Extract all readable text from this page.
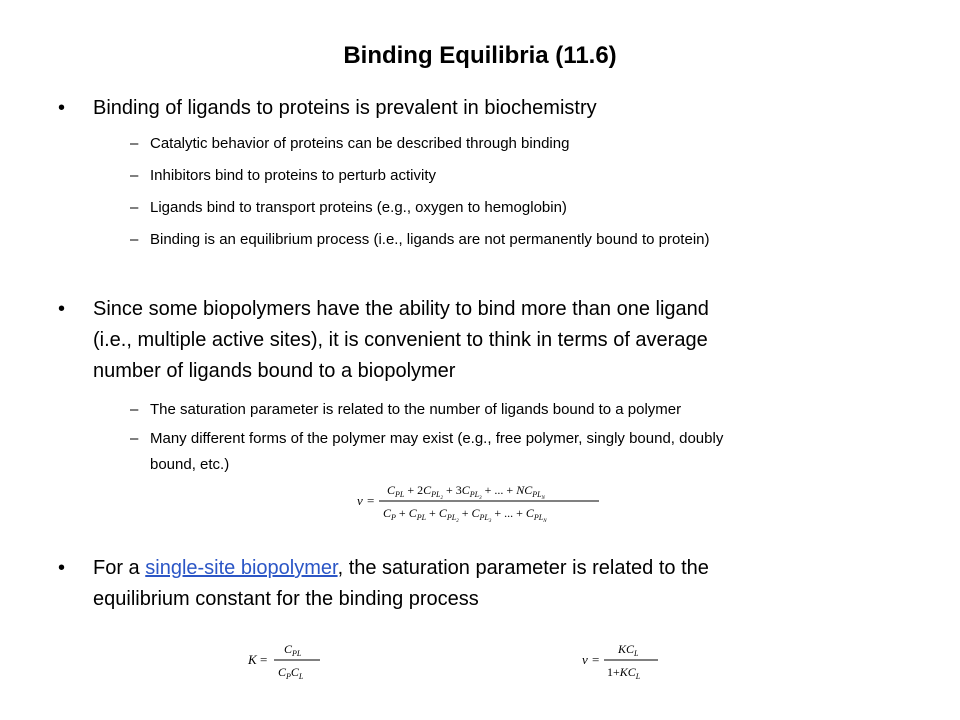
Binding Equilibria (11.6)
• Binding of ligands to proteins is prevalent in biochemistry
– Catalytic behavior of proteins can be described through binding
– Inhibitors bind to proteins to perturb activity
– Ligands bind to transport proteins (e.g., oxygen to hemoglobin)
– Binding is an equilibrium process (i.e., ligands are not permanently bound to protein)
• Since some biopolymers have the ability to bind more than one ligand
(i.e., multiple active sites), it is convenient to think in terms of average
number of ligands bound to a biopolymer
– The saturation parameter is related to the number of ligands bound to a polymer
– Many different forms of the polymer may exist (e.g., free polymer, singly bound, doubly
bound, etc.)
ν =
$C_{PL} + 2C_{PL}2 + 3C_{PL}3$ + ... + $NC_{PL}N$
$C_P + C_{PL} + C_{PL}2 + C_{PL}3$ + ... + $C_{PL}N$
• For a single-site biopolymer, the saturation parameter is related to the
equilibrium constant for the binding process
K =
$C_{PL}$
$C_PC_L$
ν =
$KC_L$
$1+KC_L$
